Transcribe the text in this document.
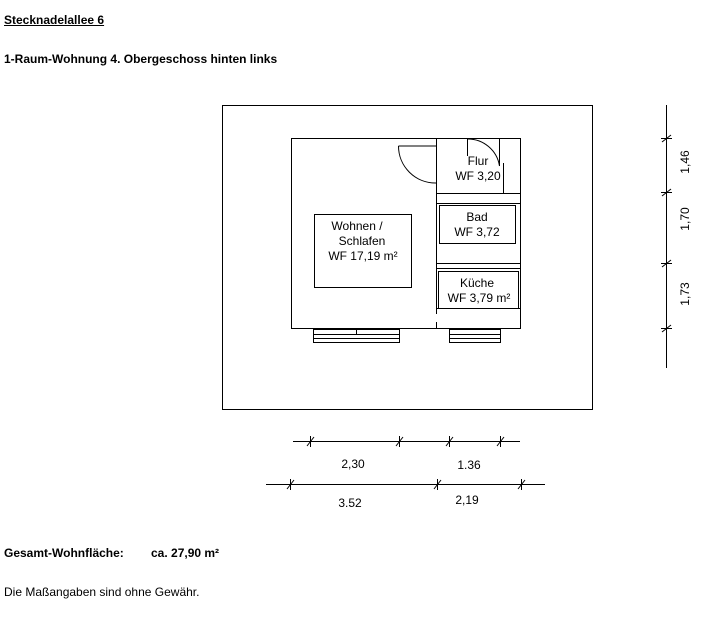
Stecknadelallee 6
1-Raum-Wohnung 4. Obergeschoss hinten links
Wohnen /
Schlafen
WF 17,19 m²
Flur
WF 3,20
Bad
WF 3,72
Küche
WF 3,79 m²
1,46
1,70
1,73
2,30	1.36
3.52	2,19
Gesamt-Wohnfläche: ca. 27,90 m²
Die Maßangaben sind ohne Gewähr.
